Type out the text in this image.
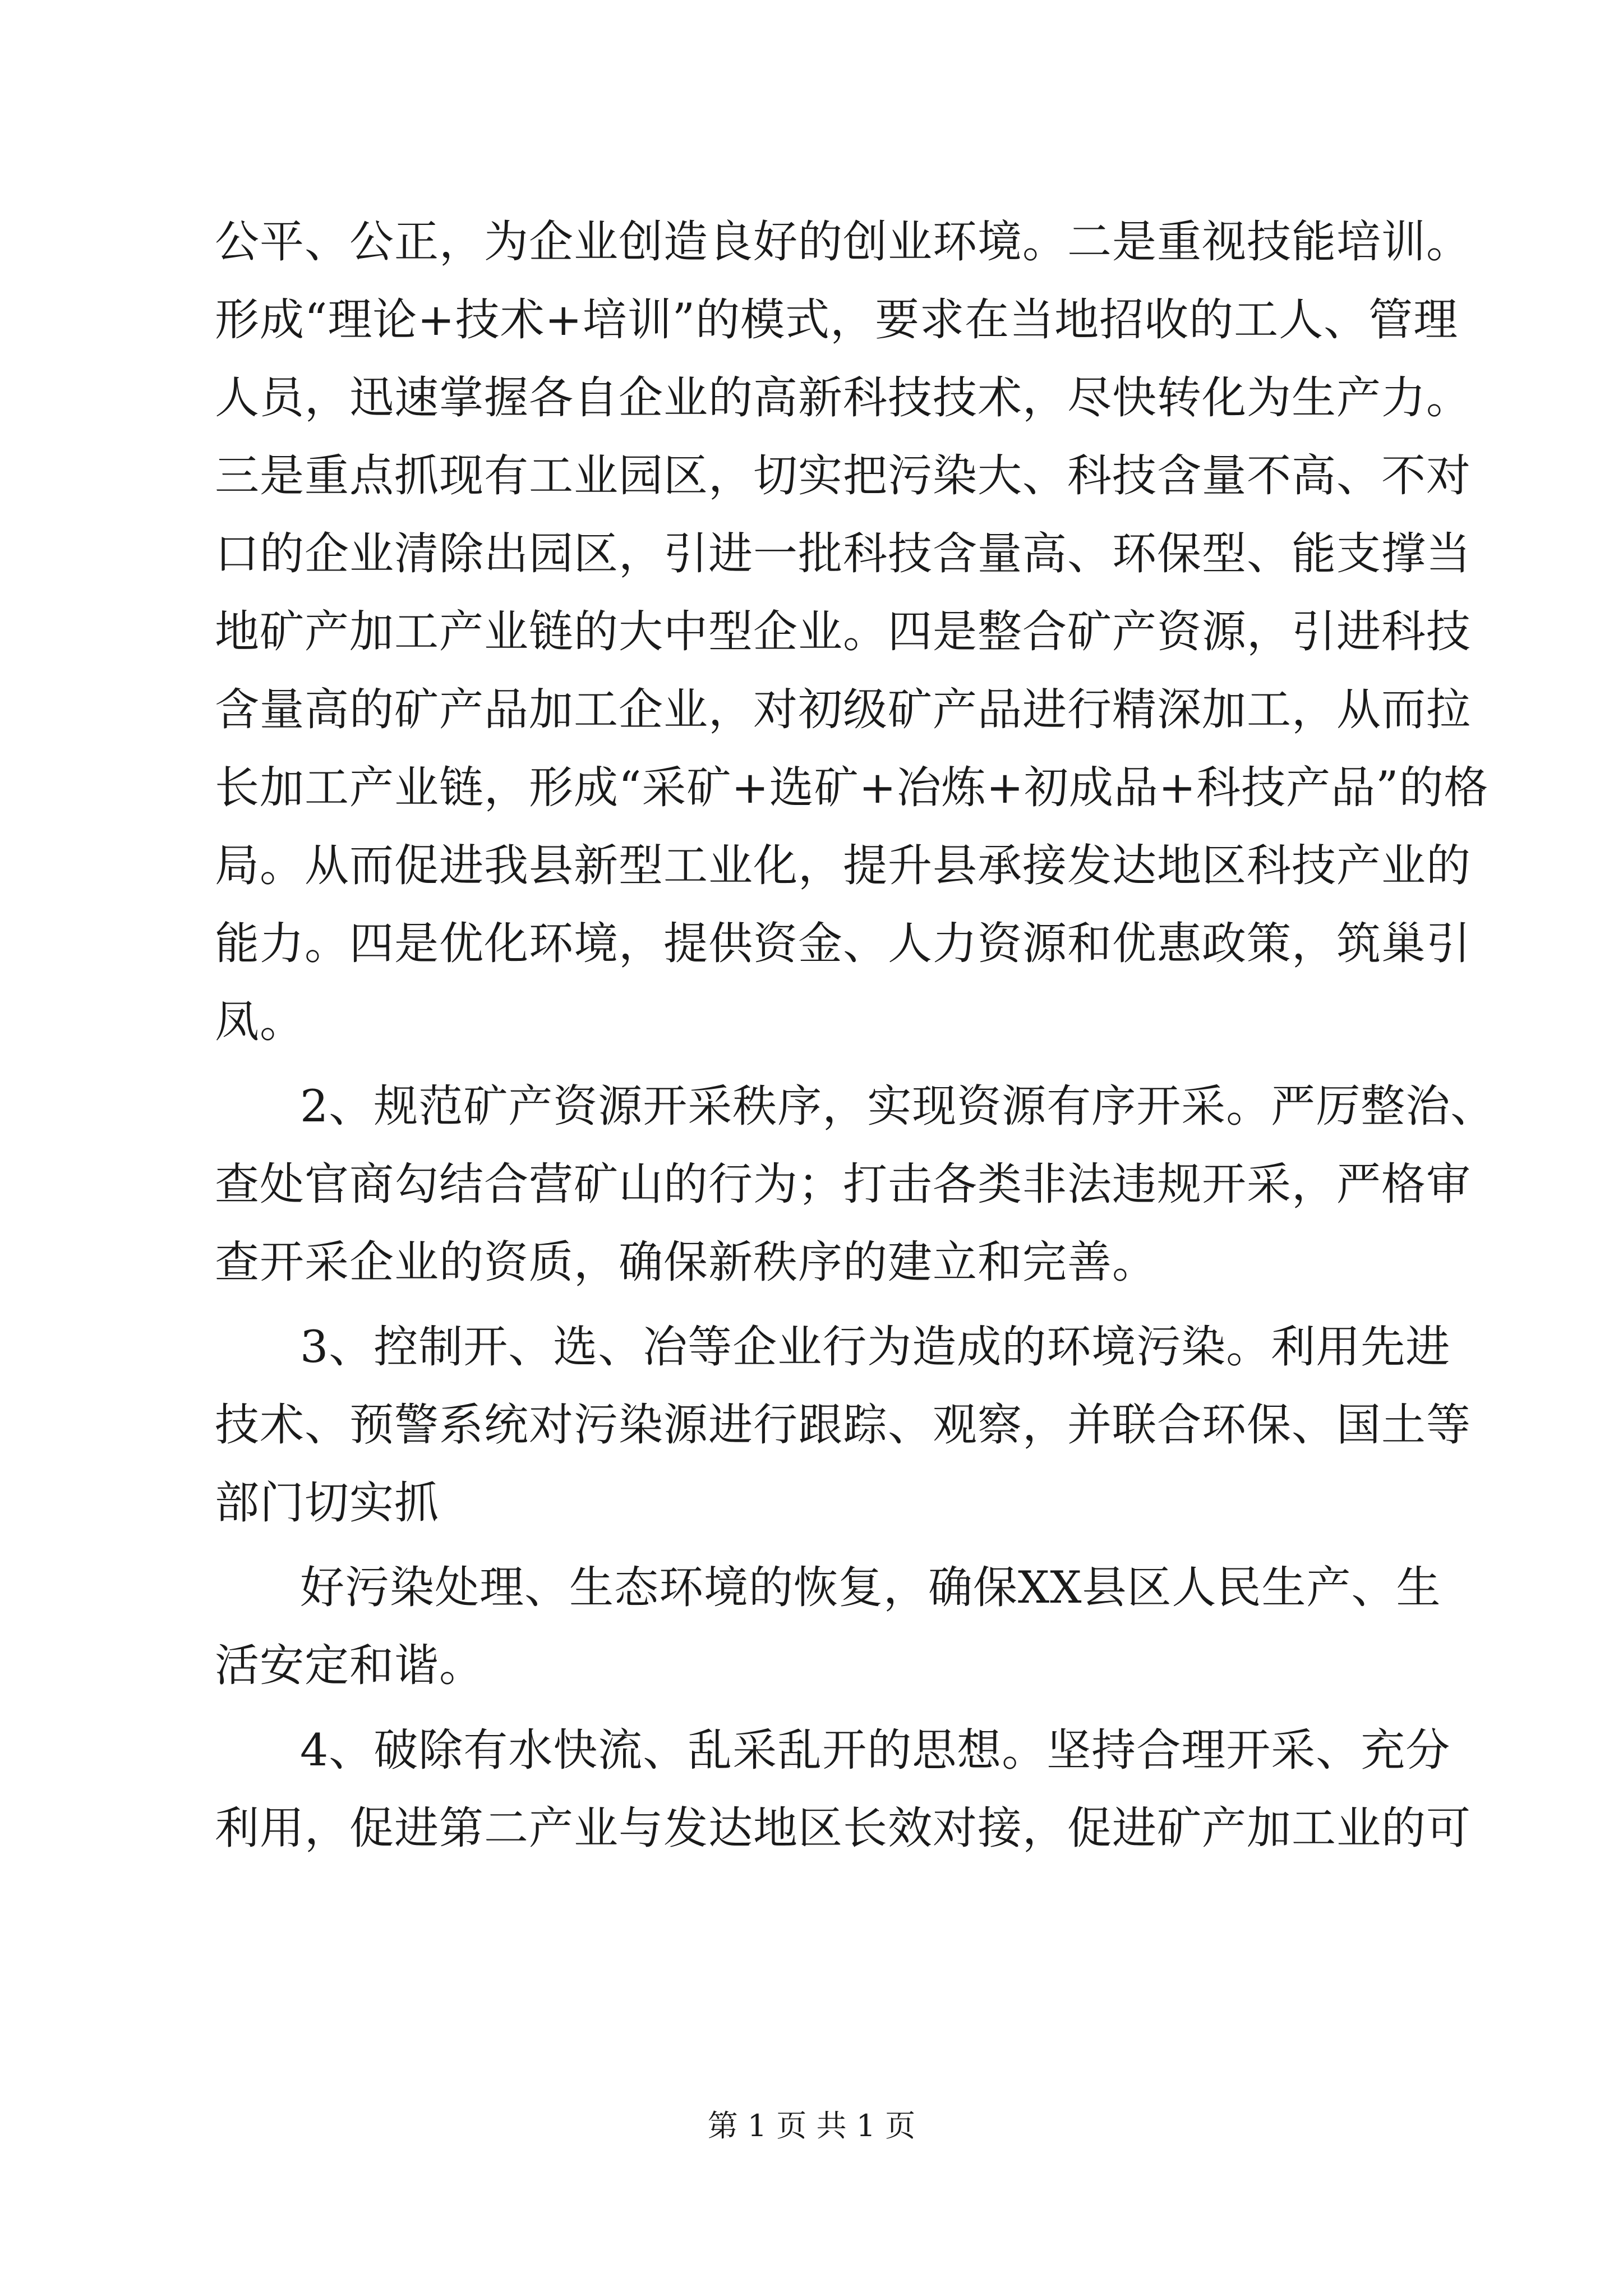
公平、公正，为企业创造良好的创业环境。二是重视技能培训。
形成“理论+技术+培训”的模式，要求在当地招收的工人、管理
人员，迅速掌握各自企业的高新科技技术，尽快转化为生产力。
三是重点抓现有工业园区，切实把污染大、科技含量不高、不对
口的企业清除出园区，引进一批科技含量高、环保型、能支撑当
地矿产加工产业链的大中型企业。四是整合矿产资源，引进科技
含量高的矿产品加工企业，对初级矿产品进行精深加工，从而拉
长加工产业链，形成“采矿+选矿+冶炼+初成品+科技产品”的格
局。从而促进我县新型工业化，提升县承接发达地区科技产业的
能力。四是优化环境，提供资金、人力资源和优惠政策，筑巢引
凤。
2、规范矿产资源开采秩序，实现资源有序开采。严厉整治、
查处官商勾结合营矿山的行为；打击各类非法违规开采，严格审
查开采企业的资质，确保新秩序的建立和完善。
3、控制开、选、冶等企业行为造成的环境污染。利用先进
技术、预警系统对污染源进行跟踪、观察，并联合环保、国土等
部门切实抓
好污染处理、生态环境的恢复，确保XX县区人民生产、生
活安定和谐。
4、破除有水快流、乱采乱开的思想。坚持合理开采、充分
利用，促进第二产业与发达地区长效对接，促进矿产加工业的可
第 1 页 共 1 页
